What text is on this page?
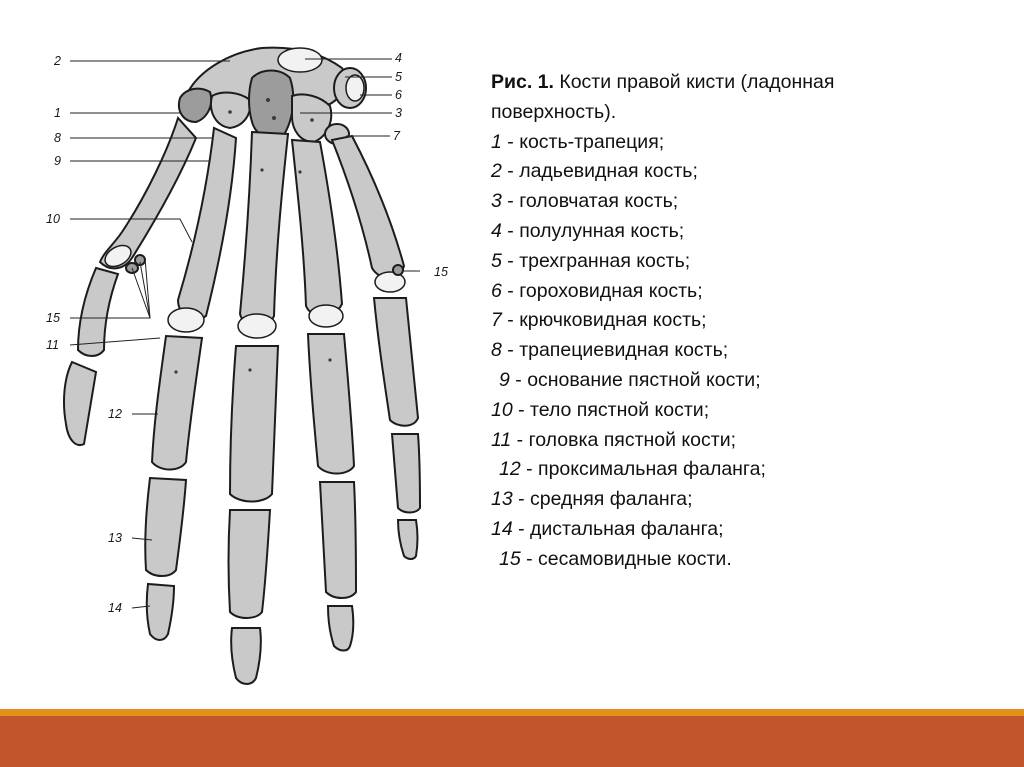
2	4
5
6
3
7
1
8
9
10
15
15
11
12
13
14
Рис. 1. Кости правой кисти (ладонная
поверхность).
1 - кость-трапеция;
2 - ладьевидная кость;
3 - головчатая кость;
4 - полулунная кость;
5 - трехгранная кость;
6 - гороховидная кость;
7 - крючковидная кость;
8 - трапециевидная кость;
9 - основание пястной кости;
10 - тело пястной кости;
11 - головка пястной кости;
12 - проксимальная фаланга;
13 - средняя фаланга;
14 - дистальная фаланга;
15 - сесамовидные кости.
